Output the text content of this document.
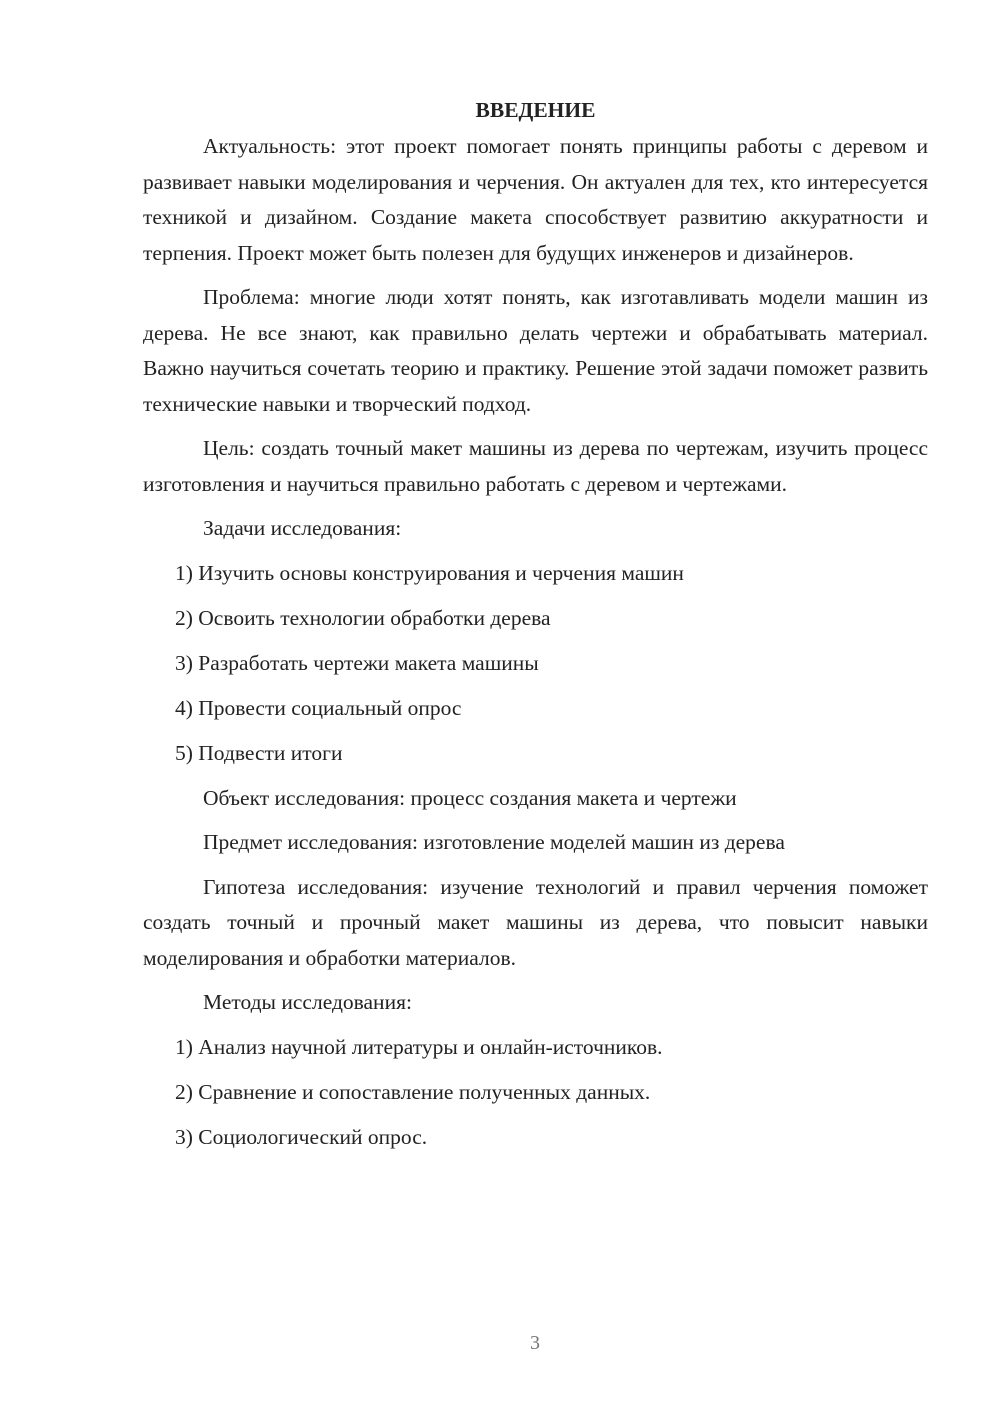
ВВЕДЕНИЕ

Актуальность: этот проект помогает понять принципы работы с деревом и развивает навыки моделирования и черчения. Он актуален для тех, кто интересуется техникой и дизайном. Создание макета способствует развитию аккуратности и терпения. Проект может быть полезен для будущих инженеров и дизайнеров.

Проблема: многие люди хотят понять, как изготавливать модели машин из дерева. Не все знают, как правильно делать чертежи и обрабатывать материал. Важно научиться сочетать теорию и практику. Решение этой задачи поможет развить технические навыки и творческий подход.

Цель: создать точный макет машины из дерева по чертежам, изучить процесс изготовления и научиться правильно работать с деревом и чертежами.

Задачи исследования:

1) Изучить основы конструирования и черчения машин

2) Освоить технологии обработки дерева

3) Разработать чертежи макета машины

4) Провести социальный опрос

5) Подвести итоги

Объект исследования: процесс создания макета и чертежи

Предмет исследования: изготовление моделей машин из дерева

Гипотеза исследования: изучение технологий и правил черчения поможет создать точный и прочный макет машины из дерева, что повысит навыки моделирования и обработки материалов.

Методы исследования:

1) Анализ научной литературы и онлайн-источников.

2) Сравнение и сопоставление полученных данных.

3) Социологический опрос.

3
